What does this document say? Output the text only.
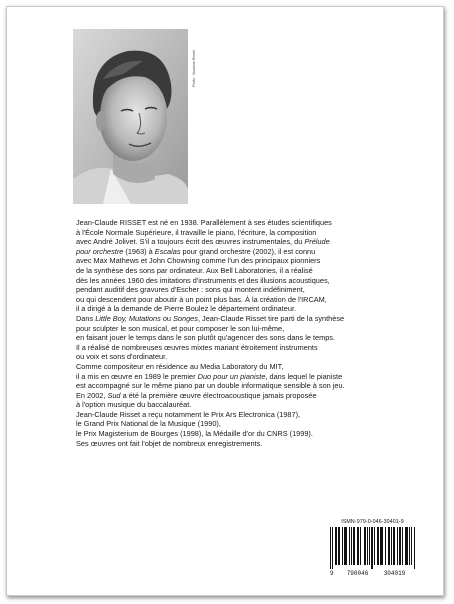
Photo : Suzanne Risset

Jean-Claude RISSET est né en 1938. Parallèlement à ses études scientifiques

à l'École Normale Supérieure, il travaille le piano, l'écriture, la composition

avec André Jolivet. S'il a toujours écrit des œuvres instrumentales, du Prélude

pour orchestre (1963) à Escalas pour grand orchestre (2002), il est connu

avec Max Mathews et John Chowning comme l'un des principaux pionniers

de la synthèse des sons par ordinateur. Aux Bell Laboratories, il a réalisé

dès les années 1960 des imitations d'instruments et des illusions acoustiques,

pendant auditif des gravures d'Escher : sons qui montent indéfiniment,

ou qui descendent pour aboutir à un point plus bas. À la création de l'IRCAM,

il a dirigé à la demande de Pierre Boulez le département ordinateur.

Dans Little Boy, Mutations ou Songes, Jean-Claude Risset tire parti de la synthèse

pour sculpter le son musical, et pour composer le son lui-même,

en faisant jouer le temps dans le son plutôt qu'agencer des sons dans le temps.

Il a réalisé de nombreuses œuvres mixtes mariant étroitement instruments

ou voix et sons d'ordinateur.

Comme compositeur en résidence au Media Laboratory du MIT,

il a mis en œuvre en 1989 le premier Duo pour un pianiste, dans lequel le pianiste

est accompagné sur le même piano par un double informatique sensible à son jeu.

En 2002, Sud a été la première œuvre électroacoustique jamais proposée

à l'option musique du baccalauréat.

Jean-Claude Risset a reçu notamment le Prix Ars Electronica (1987),

le Grand Prix National de la Musique (1990),

le Prix Magisterium de Bourges (1998), la Médaille d'or du CNRS (1999).

Ses œuvres ont fait l'objet de nombreux enregistrements.

ISMN-979-0-046-30401-9
9	790046	304019
